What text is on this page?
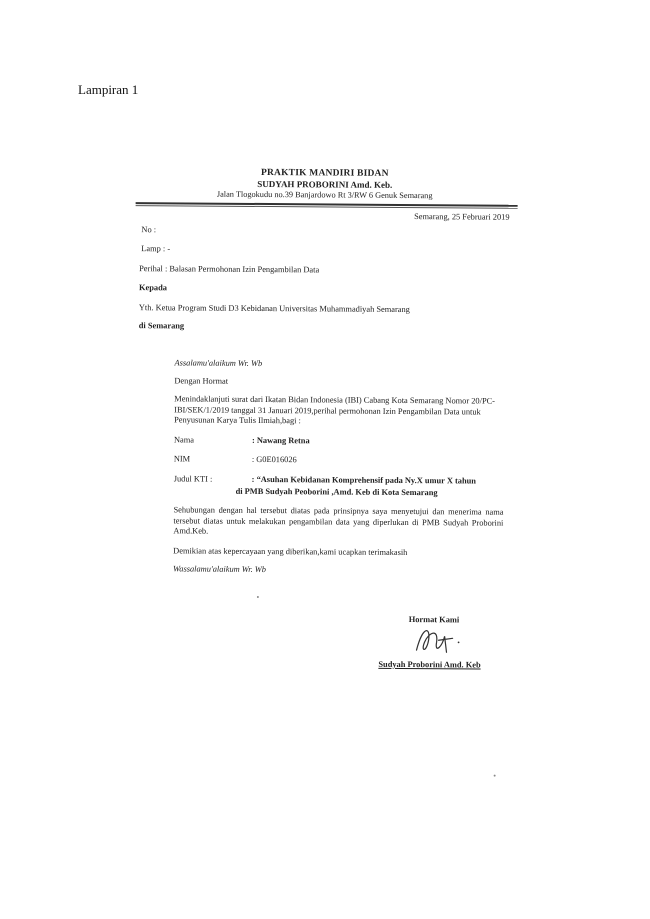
Lampiran 1
PRAKTIK MANDIRI BIDAN
SUDYAH PROBORINI Amd. Keb.
Jalan Tlogokudu no.39 Banjardowo Rt 3/RW 6 Genuk Semarang
Semarang, 25 Februari 2019
No :
Lamp : -
Perihal : Balasan Permohonan Izin Pengambilan Data
Kepada
Yth. Ketua Program Studi D3 Kebidanan Universitas Muhammadiyah Semarang
di Semarang
Assalamu'alaikum Wr. Wb
Dengan Hormat
Menindaklanjuti surat dari Ikatan Bidan Indonesia (IBI) Cabang Kota Semarang Nomor 20/PC-IBI/SEK/1/2019 tanggal 31 Januari 2019,perihal permohonan Izin Pengambilan Data untuk Penyusunan Karya Tulis Ilmiah,bagi :
Nama	: Nawang Retna
NIM	: G0E016026
Judul KTI :	: “Asuhan Kebidanan Komprehensif pada Ny.X umur X tahun
di PMB Sudyah Peoborini ,Amd. Keb di Kota Semarang
Sehubungan dengan hal tersebut diatas pada prinsipnya saya menyetujui dan menerima nama tersebut diatas untuk melakukan pengambilan data yang diperlukan di PMB Sudyah Proborini Amd.Keb.
Demikian atas kepercayaan yang diberikan,kami ucapkan terimakasih
Wassalamu'alaikum Wr. Wb
Hormat Kami
Sudyah Proborini Amd. Keb
